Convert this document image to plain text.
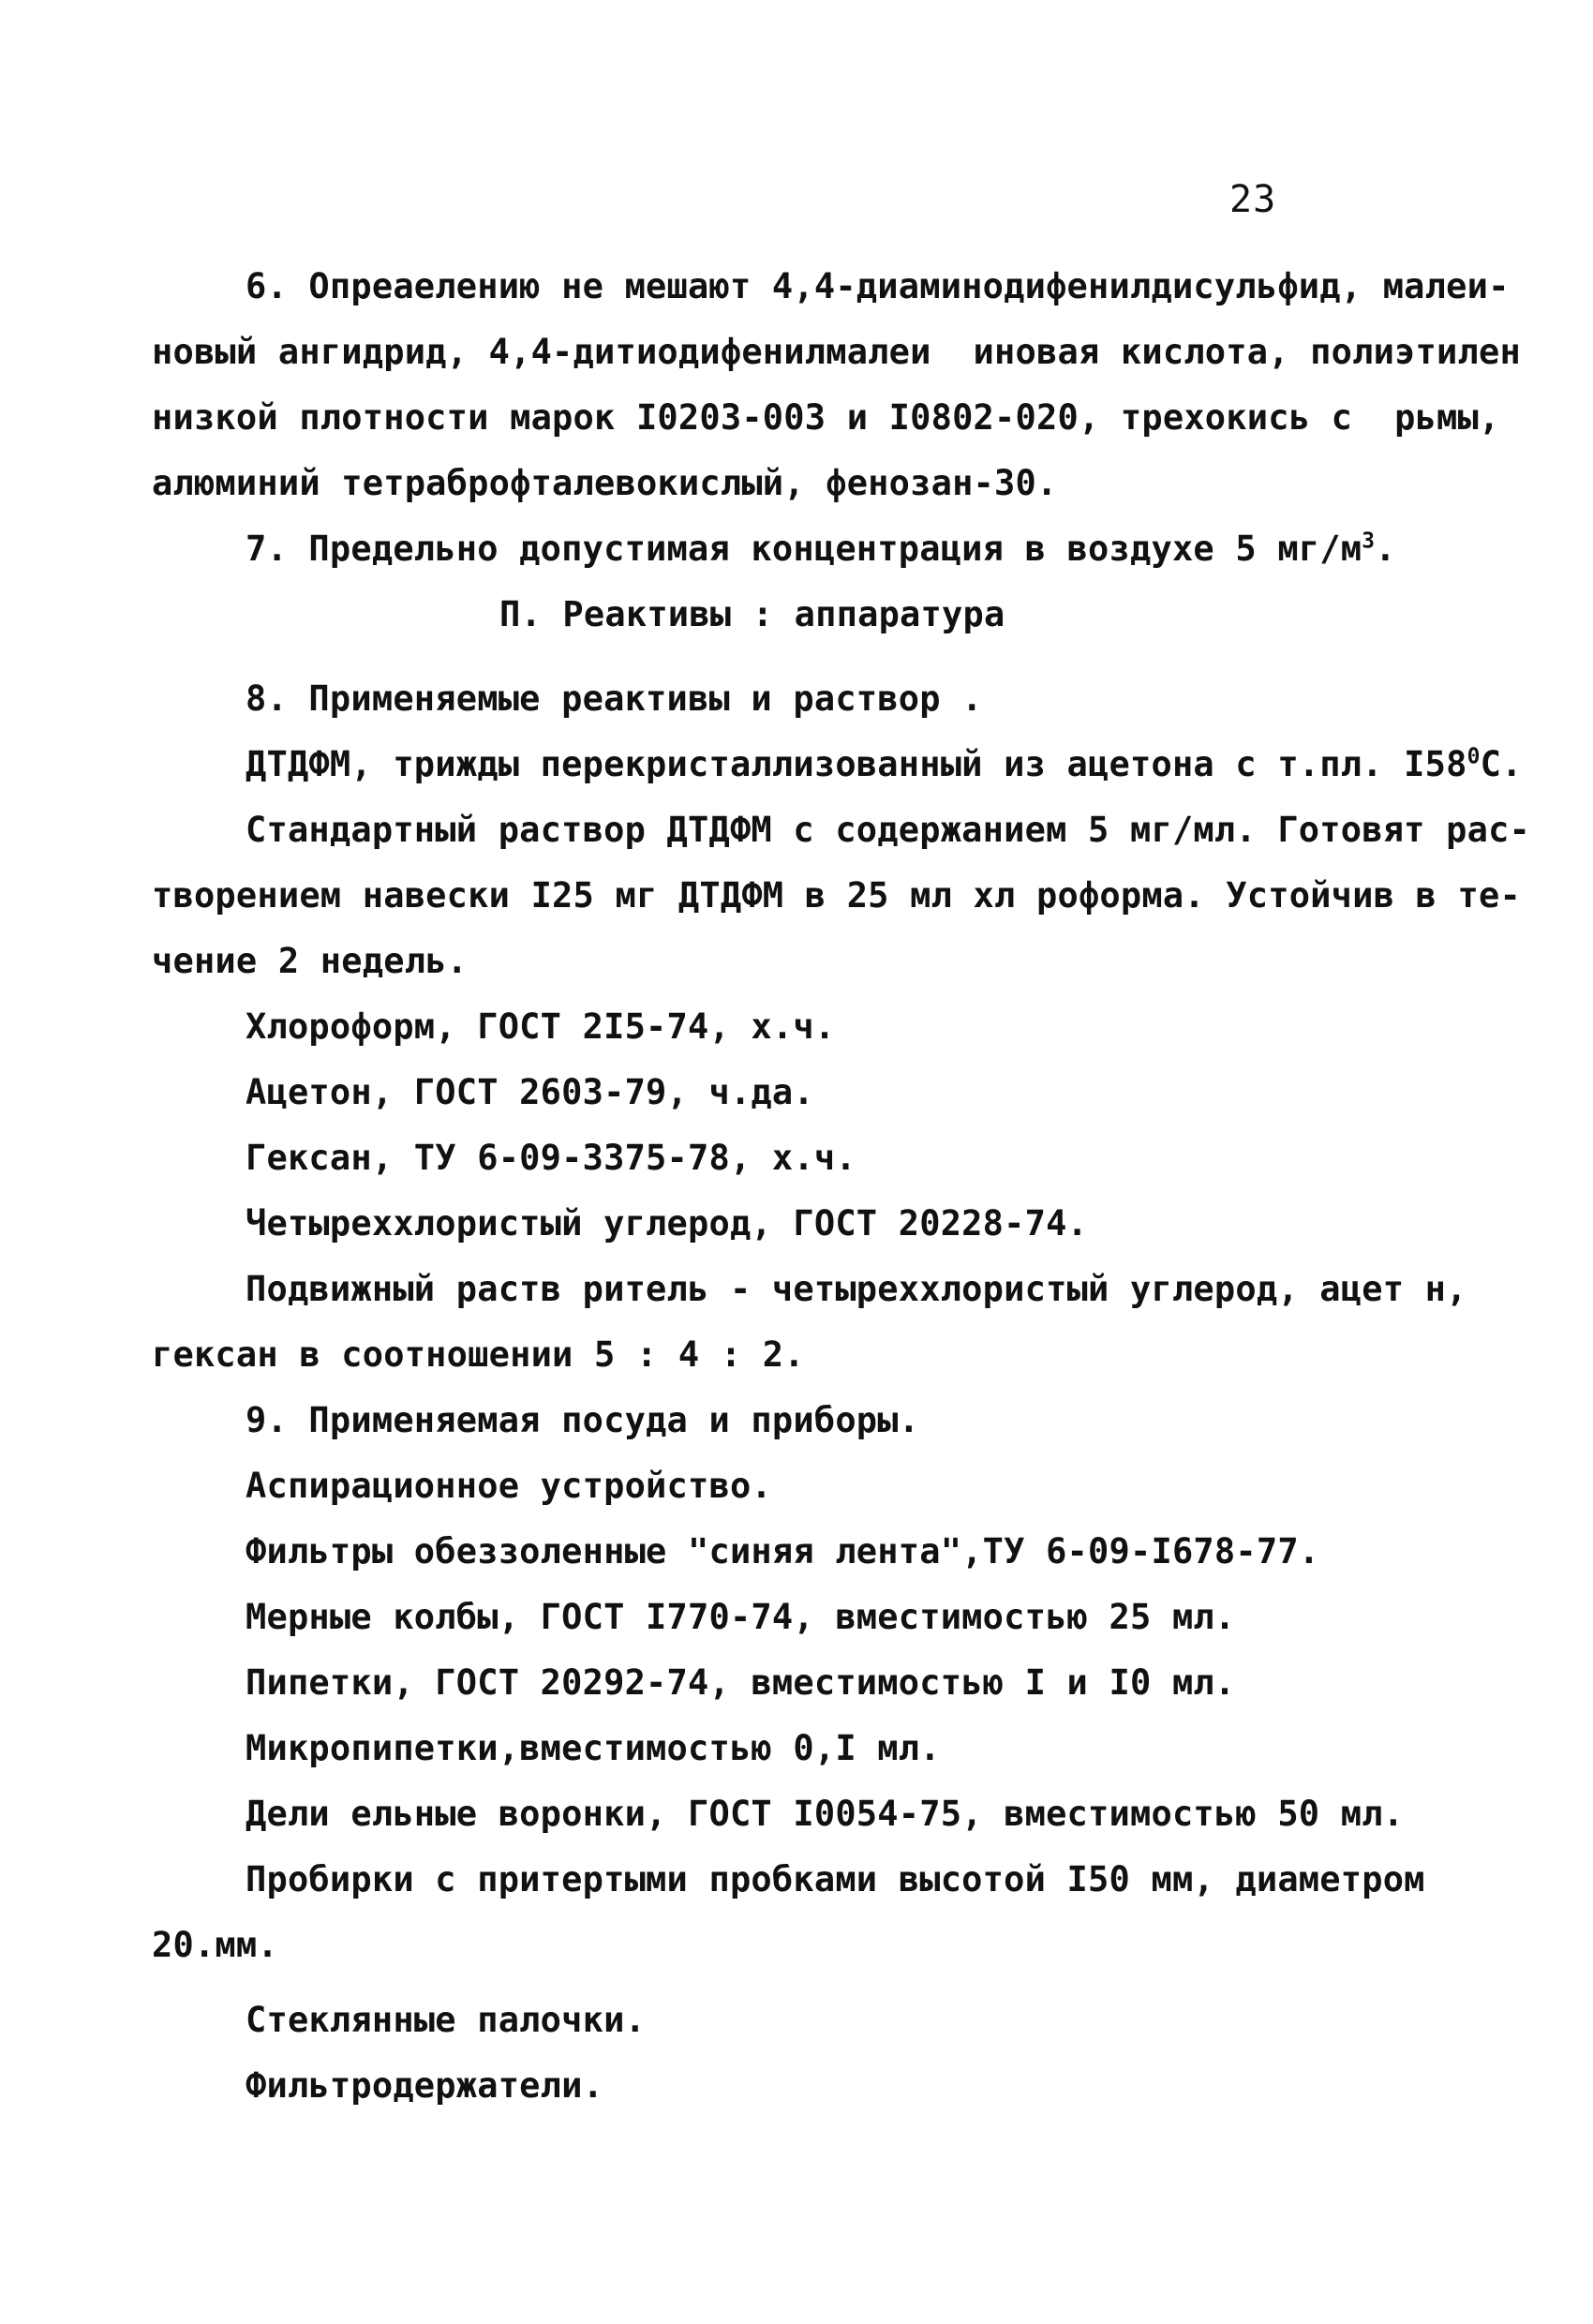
23
6. Опреаелению не мешают 4,4-диаминодифенилдисульфид, малеи-
новый ангидрид, 4,4-дитиодифенилмалеи  иновая кислота, полиэтилен
низкой плотности марок I0203-003 и I0802-020, трехокись с  рьмы,
алюминий тетраброфталевокислый, фенозан-30.
7. Предельно допустимая концентрация в воздухе 5 $мг/м^3$.
П. Реактивы : аппаратура
8. Применяемые реактивы и раствор .
ДТДФМ, трижды перекристаллизованный из ацетона с т.пл. $I58^0С$.
Стандартный раствор ДТДФМ с содержанием 5 мг/мл. Готовят рас-
творением навески I25 мг ДТДФМ в 25 мл хл роформа. Устойчив в те-
чение 2 недель.
Хлороформ, ГОСТ 2I5-74, х.ч.
Ацетон, ГОСТ 2603-79, ч.да.
Гексан, ТУ 6-09-3375-78, х.ч.
Четыреххлористый углерод, ГОСТ 20228-74.
Подвижный раств ритель - четыреххлористый углерод, ацет н,
гексан в соотношении 5 : 4 : 2.
9. Применяемая посуда и приборы.
Аспирационное устройство.
Фильтры обеззоленные "синяя лента",ТУ 6-09-I678-77.
Мерные колбы, ГОСТ I770-74, вместимостью 25 мл.
Пипетки, ГОСТ 20292-74, вместимостью I и I0 мл.
Микропипетки,вместимостью 0,I мл.
Дели ельные воронки, ГОСТ I0054-75, вместимостью 50 мл.
Пробирки с притертыми пробками высотой I50 мм, диаметром
20.мм.
Стеклянные палочки.
Фильтродержатели.
